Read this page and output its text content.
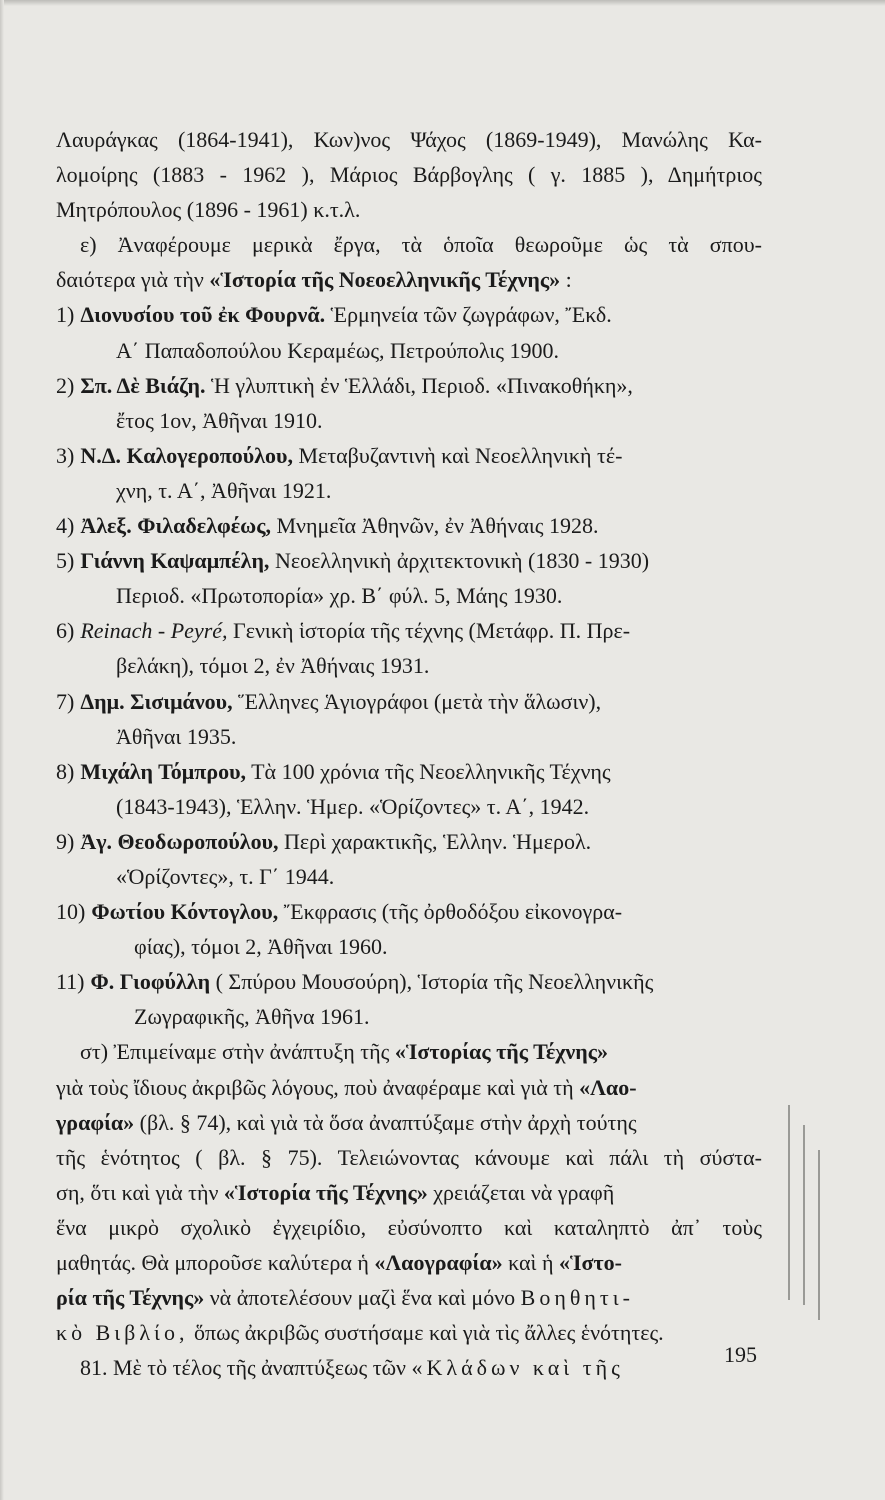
Λαυράγκας (1864-1941), Κων)νος Ψάχος (1869-1949), Μανώλης Κα-
λομοίρης (1883 - 1962 ), Μάριος Βάρβογλης ( γ. 1885 ), Δημήτριος
Μητρόπουλος (1896 - 1961) κ.τ.λ.
ε) Ἀναφέρουμε μερικὰ ἔργα, τὰ ὁποῖα θεωροῦμε ὡς τὰ σπου-
δαιότερα γιὰ τὴν «Ἱστορία τῆς Νοεοελληνικῆς Τέχνης» :
1) Διονυσίου τοῦ ἐκ Φουρνᾶ. Ἑρμηνεία τῶν ζωγράφων, Ἔκδ.
Α΄ Παπαδοπούλου Κεραμέως, Πετρούπολις 1900.
2) Σπ. Δὲ Βιάζη. Ἡ γλυπτικὴ ἐν Ἑλλάδι, Περιοδ. «Πινακοθήκη»,
ἔτος 1ον, Ἀθῆναι 1910.
3) Ν.Δ. Καλογεροπούλου, Μεταβυζαντινὴ καὶ Νεοελληνικὴ τέ-
χνη, τ. Α΄, Ἀθῆναι 1921.
4) Ἀλεξ. Φιλαδελφέως, Μνημεῖα Ἀθηνῶν, ἐν Ἀθήναις 1928.
5) Γιάννη Καψαμπέλη, Νεοελληνικὴ ἀρχιτεκτονικὴ (1830 - 1930)
Περιοδ. «Πρωτοπορία» χρ. Β΄ φύλ. 5, Μάης 1930.
6) Reinach - Peyré, Γενικὴ ἱστορία τῆς τέχνης (Μετάφρ. Π. Πρε-
βελάκη), τόμοι 2, ἐν Ἀθήναις 1931.
7) Δημ. Σισιμάνου, Ἕλληνες Ἁγιογράφοι (μετὰ τὴν ἅλωσιν),
Ἀθῆναι 1935.
8) Μιχάλη Τόμπρου, Τὰ 100 χρόνια τῆς Νεοελληνικῆς Τέχνης
(1843-1943), Ἑλλην. Ἡμερ. «Ὁρίζοντες» τ. Α΄, 1942.
9) Ἀγ. Θεοδωροπούλου, Περὶ χαρακτικῆς, Ἑλλην. Ἡμερολ.
«Ὁρίζοντες», τ. Γ΄ 1944.
10) Φωτίου Κόντογλου, Ἔκφρασις (τῆς ὀρθοδόξου εἰκονογρα-
φίας), τόμοι 2, Ἀθῆναι 1960.
11) Φ. Γιοφύλλη ( Σπύρου Μουσούρη), Ἱστορία τῆς Νεοελληνικῆς
Ζωγραφικῆς, Ἀθῆνα 1961.
στ) Ἐπιμείναμε στὴν ἀνάπτυξη τῆς «Ἱστορίας τῆς Τέχνης»
γιὰ τοὺς ἴδιους ἀκριβῶς λόγους, ποὺ ἀναφέραμε καὶ γιὰ τὴ «Λαο-
γραφία» (βλ. § 74), καὶ γιὰ τὰ ὅσα ἀναπτύξαμε στὴν ἀρχὴ τούτης
τῆς ἑνότητος ( βλ. § 75). Τελειώνοντας κάνουμε καὶ πάλι τὴ σύστα-
ση, ὅτι καὶ γιὰ τὴν «Ἱστορία τῆς Τέχνης» χρειάζεται νὰ γραφῆ
ἕνα μικρὸ σχολικὸ ἐγχειρίδιο, εὐσύνοπτο καὶ καταληπτὸ ἀπ᾿ τοὺς
μαθητάς. Θὰ μποροῦσε καλύτερα ἡ «Λαογραφία» καὶ ἡ «Ἱστο-
ρία τῆς Τέχνης» νὰ ἀποτελέσουν μαζὶ ἕνα καὶ μόνο Βοηθητι-
κὸ Βιβλίο, ὅπως ἀκριβῶς συστήσαμε καὶ γιὰ τὶς ἄλλες ἑνότητες.
81. Μὲ τὸ τέλος τῆς ἀναπτύξεως τῶν «Κλάδων καὶ τῆς
195
